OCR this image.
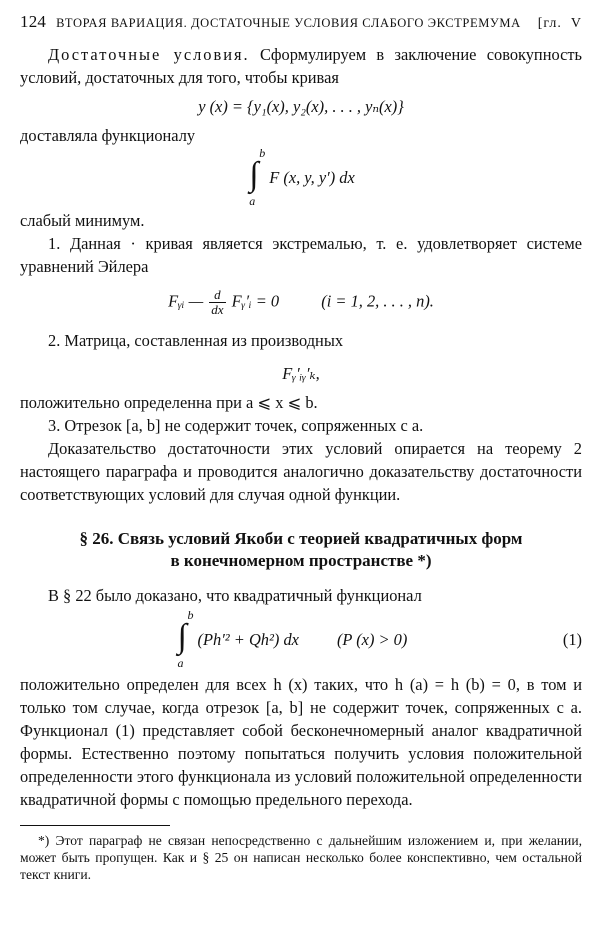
124 ВТОРАЯ ВАРИАЦИЯ. ДОСТАТОЧНЫЕ УСЛОВИЯ СЛАБОГО ЭКСТРЕМУМА	[гл.  V

Достаточные условия. Сформулируем в заключение совокупность условий, достаточных для того, чтобы кривая

y (x) = {y₁(x), y₂(x), . . . , yₙ(x)}

доставляла функционалу

∫
b
a
F (x, y, y′) dx

слабый минимум.

1. Данная · кривая является экстремалью, т. е. удовлетворяет системе уравнений Эйлера

Fᵧᵢ — $\frac{d}{dx}$ Fᵧ′ᵢ = 0	(i = 1, 2, . . . , n).

2. Матрица, составленная из производных

Fᵧ′ᵢᵧ′ₖ,

положительно определенна при a ⩽ x ⩽ b.

3. Отрезок [a, b] не содержит точек, сопряженных с a.

Доказательство достаточности этих условий опирается на теорему 2 настоящего параграфа и проводится аналогично доказательству достаточности соответствующих условий для случая одной функции.

§ 26. Связь условий Якоби с теорией квадратичных форм
в конечномерном пространстве *)

В § 22 было доказано, что квадратичный функционал

∫
b
a
(Ph′² + Qh²) dx (P (x) > 0)	(1)

положительно определен для всех h (x) таких, что h (a) = h (b) = 0, в том и только том случае, когда отрезок [a, b] не содержит точек, сопряженных с a. Функционал (1) представляет собой бесконечномерный аналог квадратичной формы. Естественно поэтому попытаться получить условия положительной определенности этого функционала из условий положительной определенности квадратичной формы с помощью предельного перехода.

*) Этот параграф не связан непосредственно с дальнейшим изложением и, при желании, может быть пропущен. Как и § 25 он написан несколько более конспективно, чем остальной текст книги.
